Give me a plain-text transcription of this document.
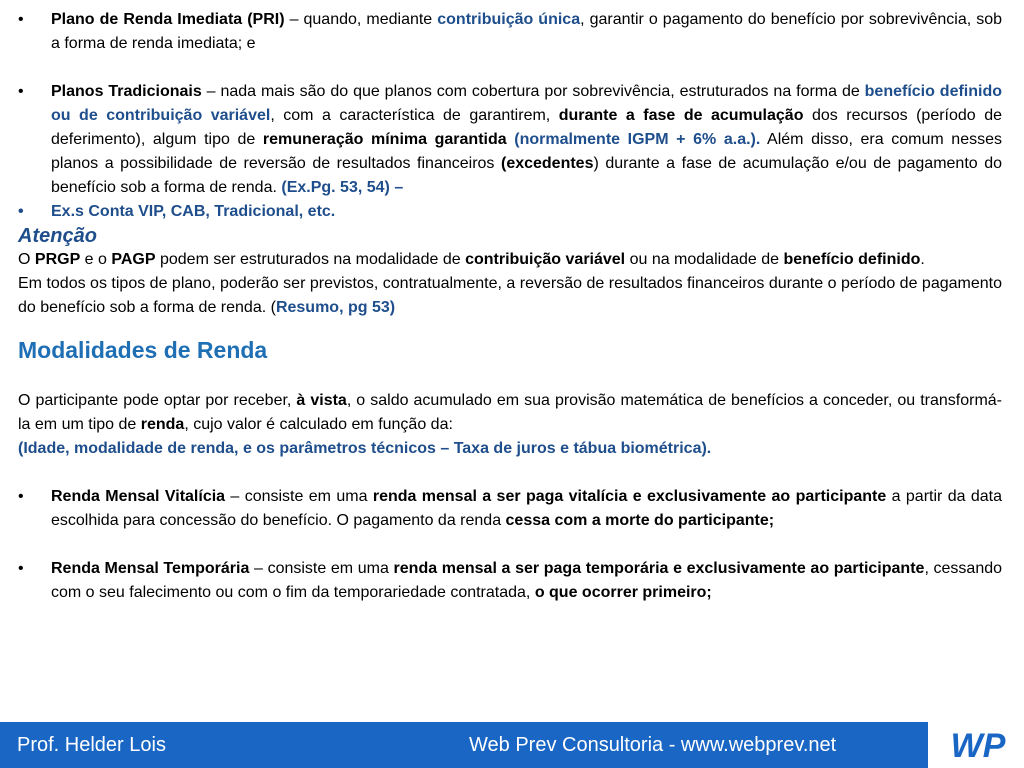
• Plano de Renda Imediata (PRI) – quando, mediante contribuição única, garantir o pagamento do benefício por sobrevivência, sob a forma de renda imediata; e
• Planos Tradicionais – nada mais são do que planos com cobertura por sobrevivência, estruturados na forma de benefício definido ou de contribuição variável, com a característica de garantirem, durante a fase de acumulação dos recursos (período de deferimento), algum tipo de remuneração mínima garantida (normalmente IGPM + 6% a.a.). Além disso, era comum nesses planos a possibilidade de reversão de resultados financeiros (excedentes) durante a fase de acumulação e/ou de pagamento do benefício sob a forma de renda. (Ex.Pg. 53, 54) –
• Ex.s Conta VIP, CAB, Tradicional, etc.
Atenção

O PRGP e o PAGP podem ser estruturados na modalidade de contribuição variável ou na modalidade de benefício definido.

Em todos os tipos de plano, poderão ser previstos, contratualmente, a reversão de resultados financeiros durante o período de pagamento do benefício sob a forma de renda. (Resumo, pg 53)

Modalidades de Renda

O participante pode optar por receber, à vista, o saldo acumulado em sua provisão matemática de benefícios a conceder, ou transformá-la em um tipo de renda, cujo valor é calculado em função da:

(Idade, modalidade de renda, e os parâmetros técnicos – Taxa de juros e tábua biométrica).

• Renda Mensal Vitalícia – consiste em uma renda mensal a ser paga vitalícia e exclusivamente ao participante a partir da data escolhida para concessão do benefício. O pagamento da renda cessa com a morte do participante;
• Renda Mensal Temporária – consiste em uma renda mensal a ser paga temporária e exclusivamente ao participante, cessando com o seu falecimento ou com o fim da temporariedade contratada, o que ocorrer primeiro;
Prof. Helder Lois	Web Prev Consultoria - www.webprev.net	WP
